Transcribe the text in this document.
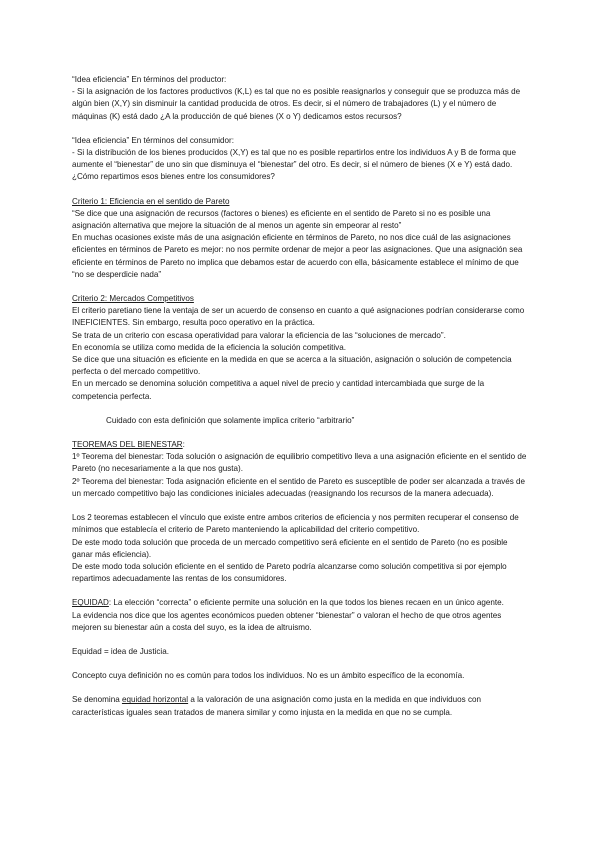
“Idea eficiencia” En términos del productor:

- Si la asignación de los factores productivos (K,L) es tal que no es posible reasignarlos y conseguir que se produzca más de algún bien (X,Y) sin disminuir la cantidad producida de otros. Es decir, si el número de trabajadores (L) y el número de máquinas (K) está dado ¿A la producción de qué bienes (X o Y) dedicamos estos recursos?

“Idea eficiencia” En términos del consumidor:

- Si la distribución de los bienes producidos (X,Y) es tal que no es posible repartirlos entre los individuos A y B de forma que aumente el “bienestar” de uno sin que disminuya el “bienestar” del otro. Es decir, si el número de bienes (X e Y) está dado. ¿Cómo repartimos esos bienes entre los consumidores?

Criterio 1: Eficiencia en el sentido de Pareto

“Se dice que una asignación de recursos (factores o bienes) es eficiente en el sentido de Pareto si no es posible una asignación alternativa que mejore la situación de al menos un agente sin empeorar al resto”

En muchas ocasiones existe más de una asignación eficiente en términos de Pareto, no nos dice cuál de las asignaciones eficientes en términos de Pareto es mejor: no nos permite ordenar de mejor a peor las asignaciones. Que una asignación sea eficiente en términos de Pareto no implica que debamos estar de acuerdo con ella, básicamente establece el mínimo de que “no se desperdicie nada”

Criterio 2: Mercados Competitivos

El criterio paretiano tiene la ventaja de ser un acuerdo de consenso en cuanto a qué asignaciones podrían considerarse como INEFICIENTES. Sin embargo, resulta poco operativo en la práctica.

Se trata de un criterio con escasa operatividad para valorar la eficiencia de las “soluciones de mercado”.

En economía se utiliza como medida de la eficiencia la solución competitiva.

Se dice que una situación es eficiente en la medida en que se acerca a la situación, asignación o solución de competencia perfecta o del mercado competitivo.

En un mercado se denomina solución competitiva a aquel nivel de precio y cantidad intercambiada que surge de la competencia perfecta.

Cuidado con esta definición que solamente implica criterio “arbitrario”

TEOREMAS DEL BIENESTAR:

1º Teorema del bienestar: Toda solución o asignación de equilibrio competitivo lleva a una asignación eficiente en el sentido de Pareto (no necesariamente a la que nos gusta).

2º Teorema del bienestar: Toda asignación eficiente en el sentido de Pareto es susceptible de poder ser alcanzada a través de un mercado competitivo bajo las condiciones iniciales adecuadas (reasignando los recursos de la manera adecuada).

Los 2 teoremas establecen el vínculo que existe entre ambos criterios de eficiencia y nos permiten recuperar el consenso de mínimos que establecía el criterio de Pareto manteniendo la aplicabilidad del criterio competitivo.

De este modo toda solución que proceda de un mercado competitivo será eficiente en el sentido de Pareto (no es posible ganar más eficiencia).

De este modo toda solución eficiente en el sentido de Pareto podría alcanzarse como solución competitiva si por ejemplo repartimos adecuadamente las rentas de los consumidores.

EQUIDAD: La elección “correcta” o eficiente permite una solución en la que todos los bienes recaen en un único agente.

La evidencia nos dice que los agentes económicos pueden obtener “bienestar” o valoran el hecho de que otros agentes mejoren su bienestar aún a costa del suyo, es la idea de altruismo.

Equidad = idea de Justicia.

Concepto cuya definición no es común para todos los individuos. No es un ámbito específico de la economía.

Se denomina equidad horizontal a la valoración de una asignación como justa en la medida en que individuos con características iguales sean tratados de manera similar y como injusta en la medida en que no se cumpla.
